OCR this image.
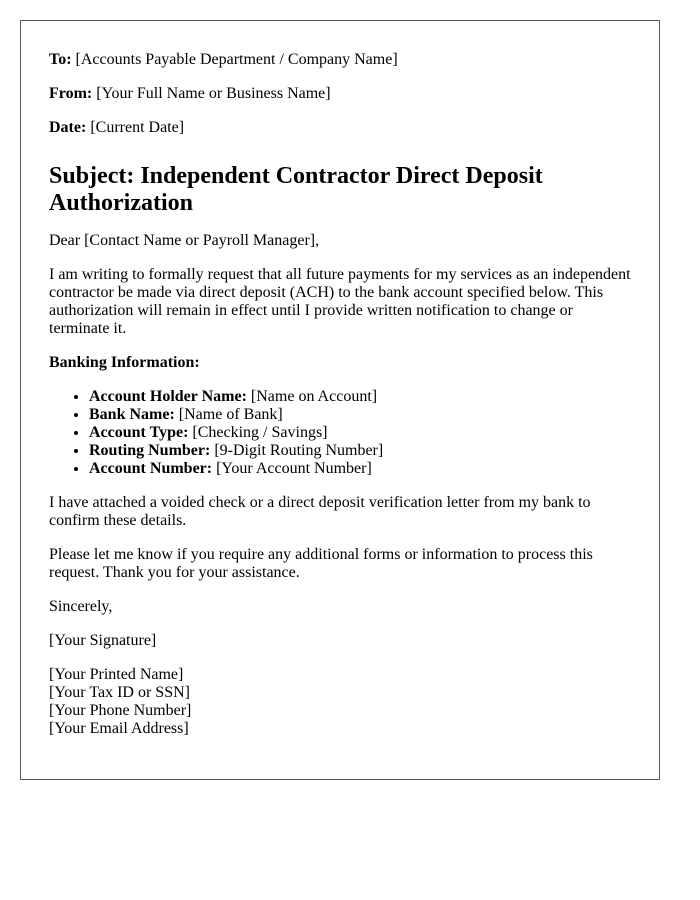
To: [Accounts Payable Department / Company Name]
From: [Your Full Name or Business Name]
Date: [Current Date]
Subject: Independent Contractor Direct Deposit Authorization

Dear [Contact Name or Payroll Manager],

I am writing to formally request that all future payments for my services as an independent contractor be made via direct deposit (ACH) to the bank account specified below. This authorization will remain in effect until I provide written notification to change or terminate it.

Banking Information:
• Account Holder Name: [Name on Account]
• Bank Name: [Name of Bank]
• Account Type: [Checking / Savings]
• Routing Number: [9-Digit Routing Number]
• Account Number: [Your Account Number]

I have attached a voided check or a direct deposit verification letter from my bank to confirm these details.

Please let me know if you require any additional forms or information to process this request. Thank you for your assistance.

Sincerely,

[Your Signature]

[Your Printed Name]
[Your Tax ID or SSN]
[Your Phone Number]
[Your Email Address]
